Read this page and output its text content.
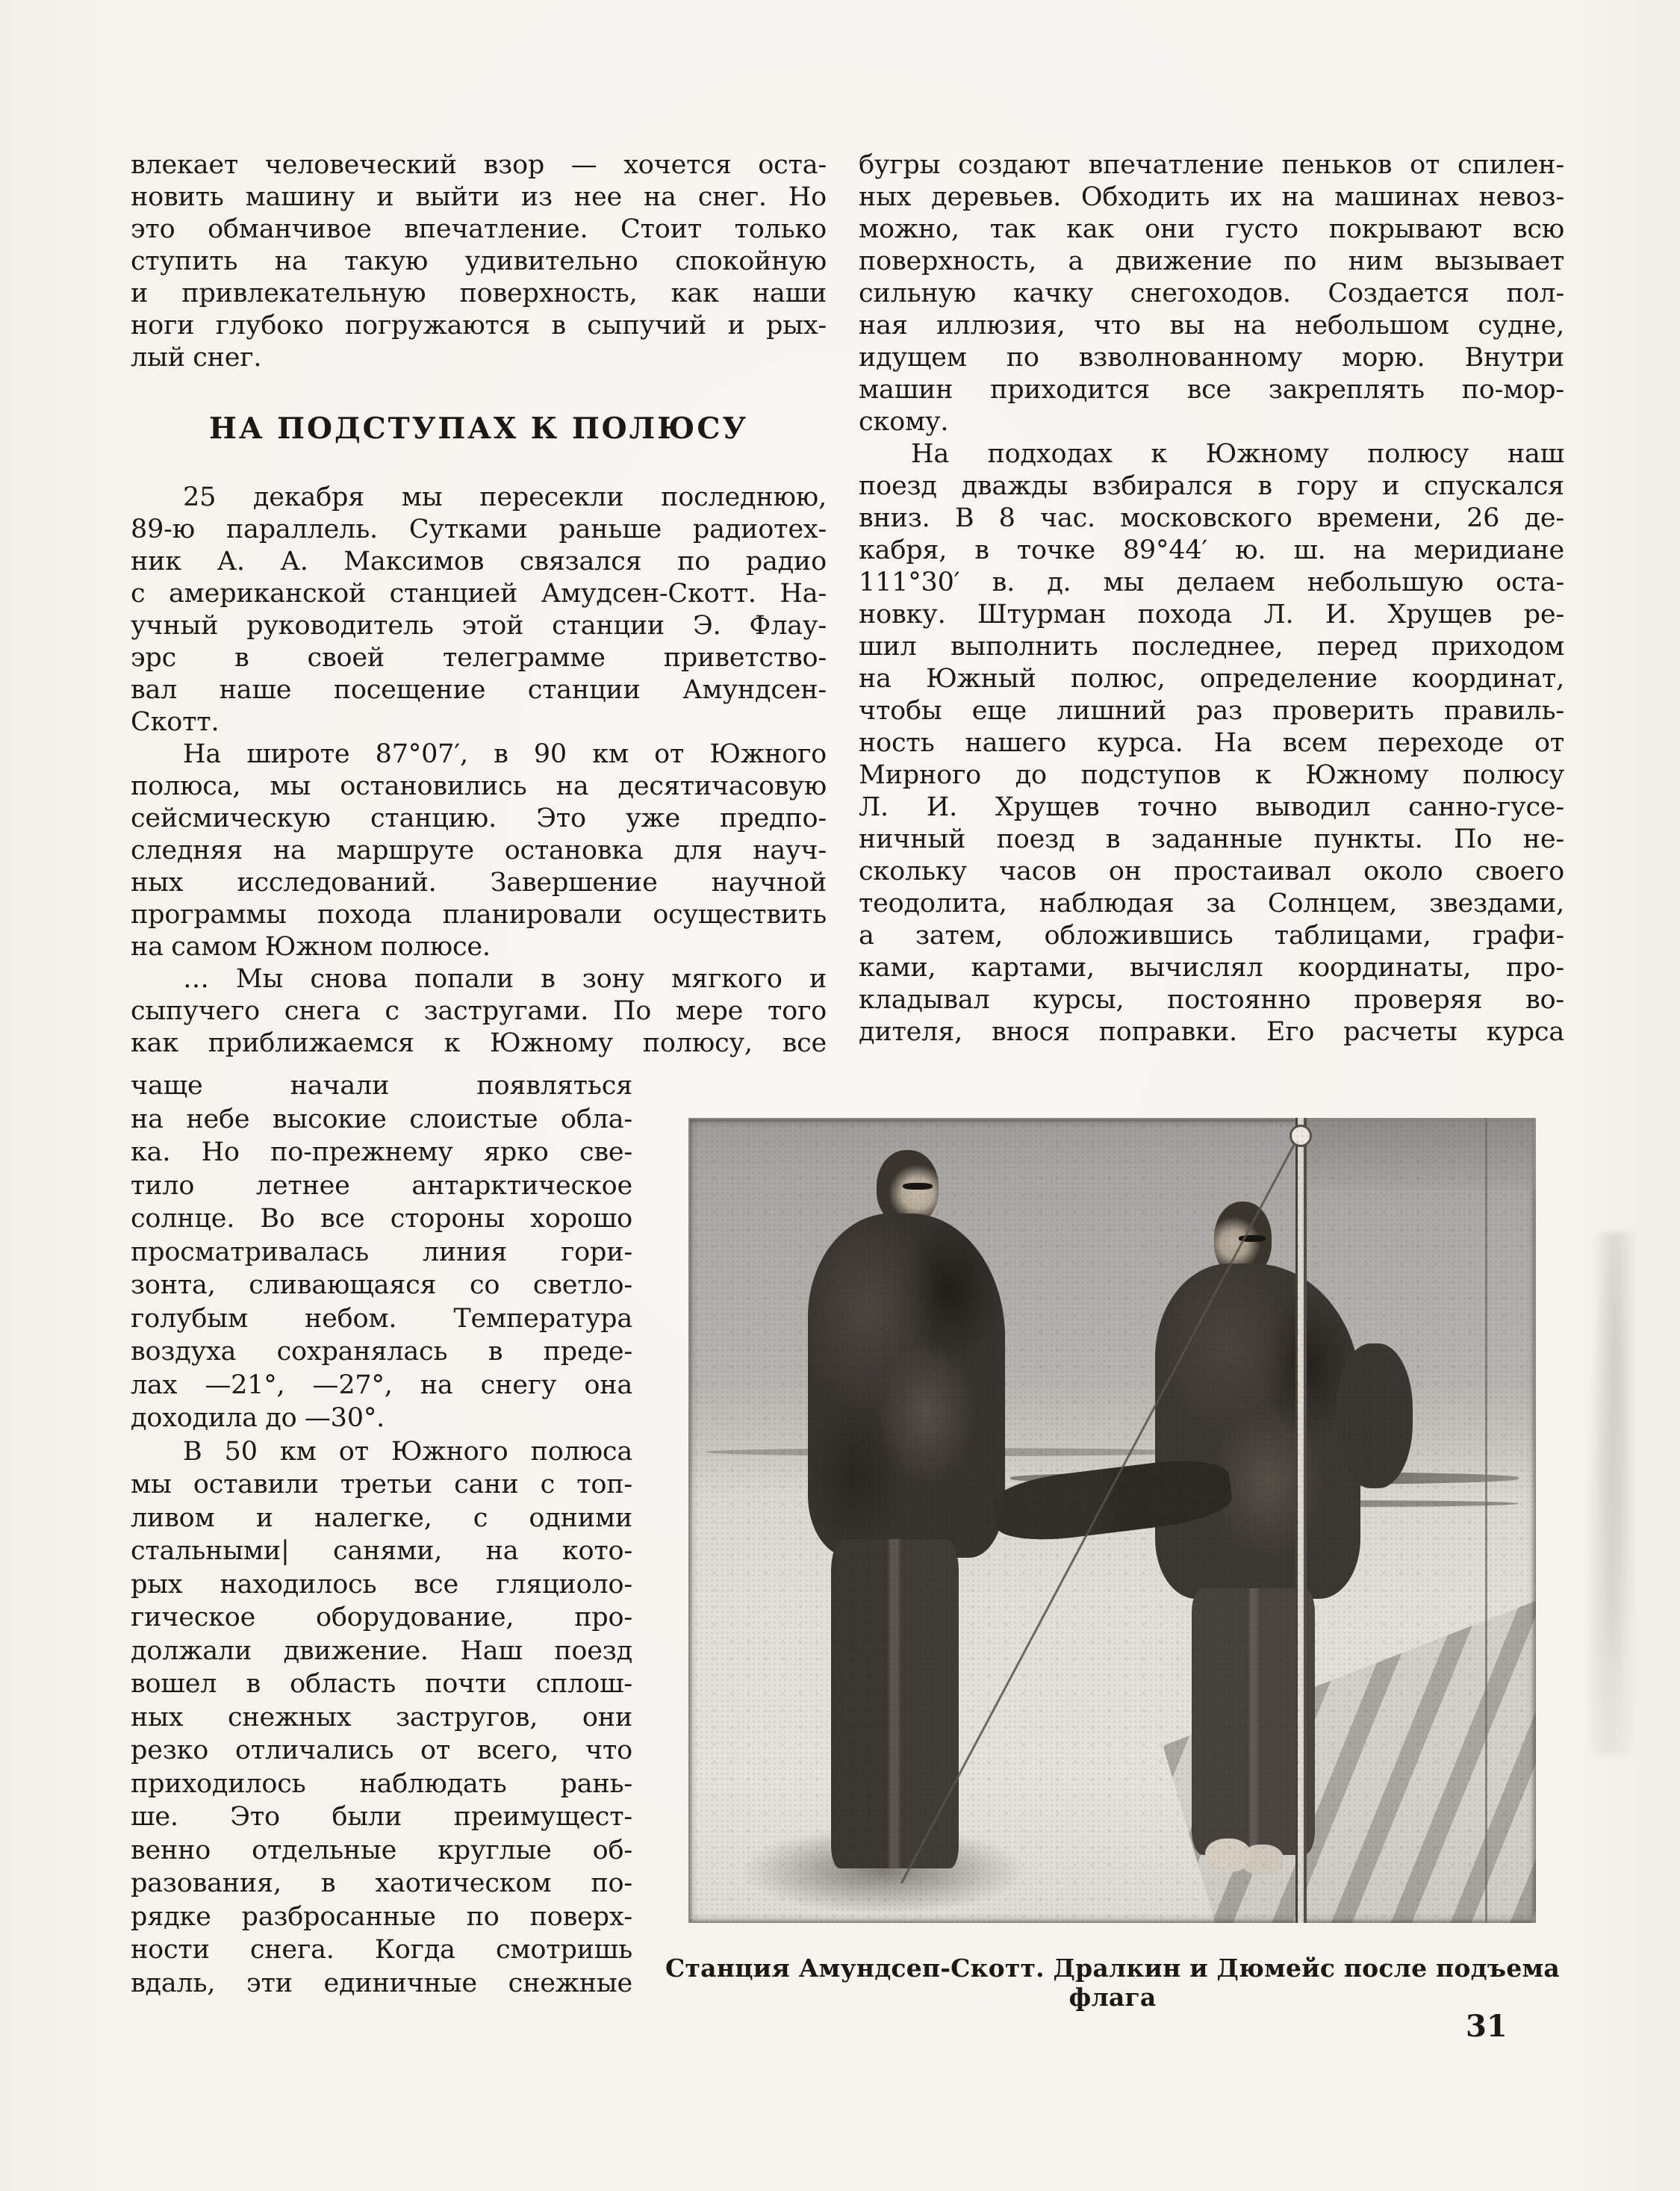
влекает человеческий взор — хочется оста-
новить машину и выйти из нее на снег. Но
это обманчивое впечатление. Стоит только
ступить на такую удивительно спокойную
и привлекательную поверхность, как наши
ноги глубоко погружаются в сыпучий и рых-
лый снег.
НА ПОДСТУПАХ К ПОЛЮСУ
25 декабря мы пересекли последнюю,
89-ю параллель. Сутками раньше радиотех-
ник А. А. Максимов связался по радио
с американской станцией Амудсен-Скотт. На-
учный руководитель этой станции Э. Флау-
эрс в своей телеграмме приветство-
вал наше посещение станции Амундсен-
Скотт.
На широте 87°07′, в 90 км от Южного
полюса, мы остановились на десятичасовую
сейсмическую станцию. Это уже предпо-
следняя на маршруте остановка для науч-
ных исследований. Завершение научной
программы похода планировали осуществить
на самом Южном полюсе.
… Мы снова попали в зону мягкого и
сыпучего снега с застругами. По мере того
как приближаемся к Южному полюсу, все
чаще начали появляться
на небе высокие слоистые обла-
ка. Но по-прежнему ярко све-
тило летнее антарктическое
солнце. Во все стороны хорошо
просматривалась линия гори-
зонта, сливающаяся со светло-
голубым небом. Температура
воздуха сохранялась в преде-
лах —21°, —27°, на снегу она
доходила до —30°.
В 50 км от Южного полюса
мы оставили третьи сани с топ-
ливом и налегке, с одними
стальными| санями, на кото-
рых находилось все гляциоло-
гическое оборудование, про-
должали движение. Наш поезд
вошел в область почти сплош-
ных снежных застругов, они
резко отличались от всего, что
приходилось наблюдать рань-
ше. Это были преимущест-
венно отдельные круглые об-
разования, в хаотическом по-
рядке разбросанные по поверх-
ности снега. Когда смотришь
вдаль, эти единичные снежные
бугры создают впечатление пеньков от спилен-
ных деревьев. Обходить их на машинах невоз-
можно, так как они густо покрывают всю
поверхность, а движение по ним вызывает
сильную качку снегоходов. Создается пол-
ная иллюзия, что вы на небольшом судне,
идущем по взволнованному морю. Внутри
машин приходится все закреплять по-мор-
скому.
На подходах к Южному полюсу наш
поезд дважды взбирался в гору и спускался
вниз. В 8 час. московского времени, 26 де-
кабря, в точке 89°44′ ю. ш. на меридиане
111°30′ в. д. мы делаем небольшую оста-
новку. Штурман похода Л. И. Хрущев ре-
шил выполнить последнее, перед приходом
на Южный полюс, определение координат,
чтобы еще лишний раз проверить правиль-
ность нашего курса. На всем переходе от
Мирного до подступов к Южному полюсу
Л. И. Хрущев точно выводил санно-гусе-
ничный поезд в заданные пункты. По не-
скольку часов он простаивал около своего
теодолита, наблюдая за Солнцем, звездами,
а затем, обложившись таблицами, графи-
ками, картами, вычислял координаты, про-
кладывал курсы, постоянно проверяя во-
дителя, внося поправки. Его расчеты курса
Станция Амундсеп-Скотт. Дралкин и Дюмейс после подъема флага
31
